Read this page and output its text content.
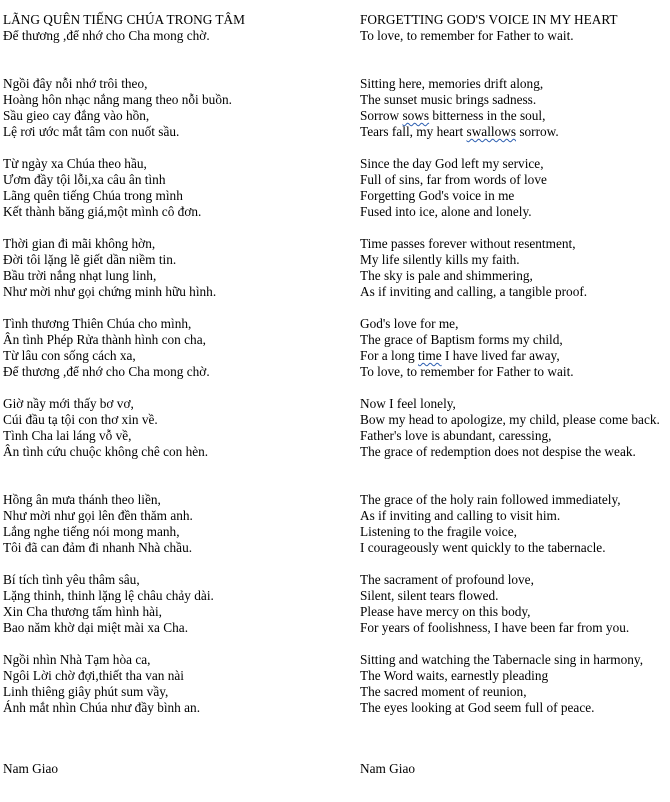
LÃNG QUÊN TIẾNG CHÚA TRONG TÂM
Để thương ,để nhớ cho Cha mong chờ.
Ngồi đây nỗi nhớ trôi theo,
Hoàng hôn nhạc nắng mang theo nỗi buồn.
Sầu gieo cay đắng vào hồn,
Lệ rơi ước mắt tâm con nuốt sầu.
Từ ngày xa Chúa theo hầu,
Ươm đầy tội lỗi,xa câu ân tình
Lãng quên tiếng Chúa trong mình
Kết thành băng giá,một mình cô đơn.
Thời gian đi mãi không hờn,
Đời tôi lặng lẽ giết dần niềm tin.
Bầu trời nắng nhạt lung linh,
Như mời như gọi chứng minh hữu hình.
Tình thương Thiên Chúa cho mình,
Ân tình Phép Rửa thành hình con cha,
Từ lâu con sống cách xa,
Để thương ,để nhớ cho Cha mong chờ.
Giờ nầy mới thấy bơ vơ,
Cúi đầu tạ tội con thơ xin về.
Tình Cha lai láng vỗ về,
Ân tình cứu chuộc không chê con hèn.
Hồng ân mưa thánh theo liền,
Như mời như gọi lên đền thăm anh.
Lắng nghe tiếng nói mong manh,
Tôi đã can đảm đi nhanh Nhà chầu.
Bí tích tình yêu thâm sâu,
Lặng thinh, thinh lặng lệ châu chảy dài.
Xin Cha thương tấm hình hài,
Bao năm khờ dại miệt mài xa Cha.
Ngồi nhìn Nhà Tạm hòa ca,
Ngôi Lời chờ đợi,thiết tha van nài
Linh thiêng giây phút sum vầy,
Ánh mắt nhìn Chúa như đầy bình an.
FORGETTING GOD'S VOICE IN MY HEART
To love, to remember for Father to wait.
Sitting here, memories drift along,
The sunset music brings sadness.
Sorrow sows bitterness in the soul,
Tears fall, my heart swallows sorrow.
Since the day God left my service,
Full of sins, far from words of love
Forgetting God's voice in me
Fused into ice, alone and lonely.
Time passes forever without resentment,
My life silently kills my faith.
The sky is pale and shimmering,
As if inviting and calling, a tangible proof.
God's love for me,
The grace of Baptism forms my child,
For a long time I have lived far away,
To love, to remember for Father to wait.
Now I feel lonely,
Bow my head to apologize, my child, please come back.
Father's love is abundant, caressing,
The grace of redemption does not despise the weak.
The grace of the holy rain followed immediately,
As if inviting and calling to visit him.
Listening to the fragile voice,
I courageously went quickly to the tabernacle.
The sacrament of profound love,
Silent, silent tears flowed.
Please have mercy on this body,
For years of foolishness, I have been far from you.
Sitting and watching the Tabernacle sing in harmony,
The Word waits, earnestly pleading
The sacred moment of reunion,
The eyes looking at God seem full of peace.
Nam Giao	Nam Giao
